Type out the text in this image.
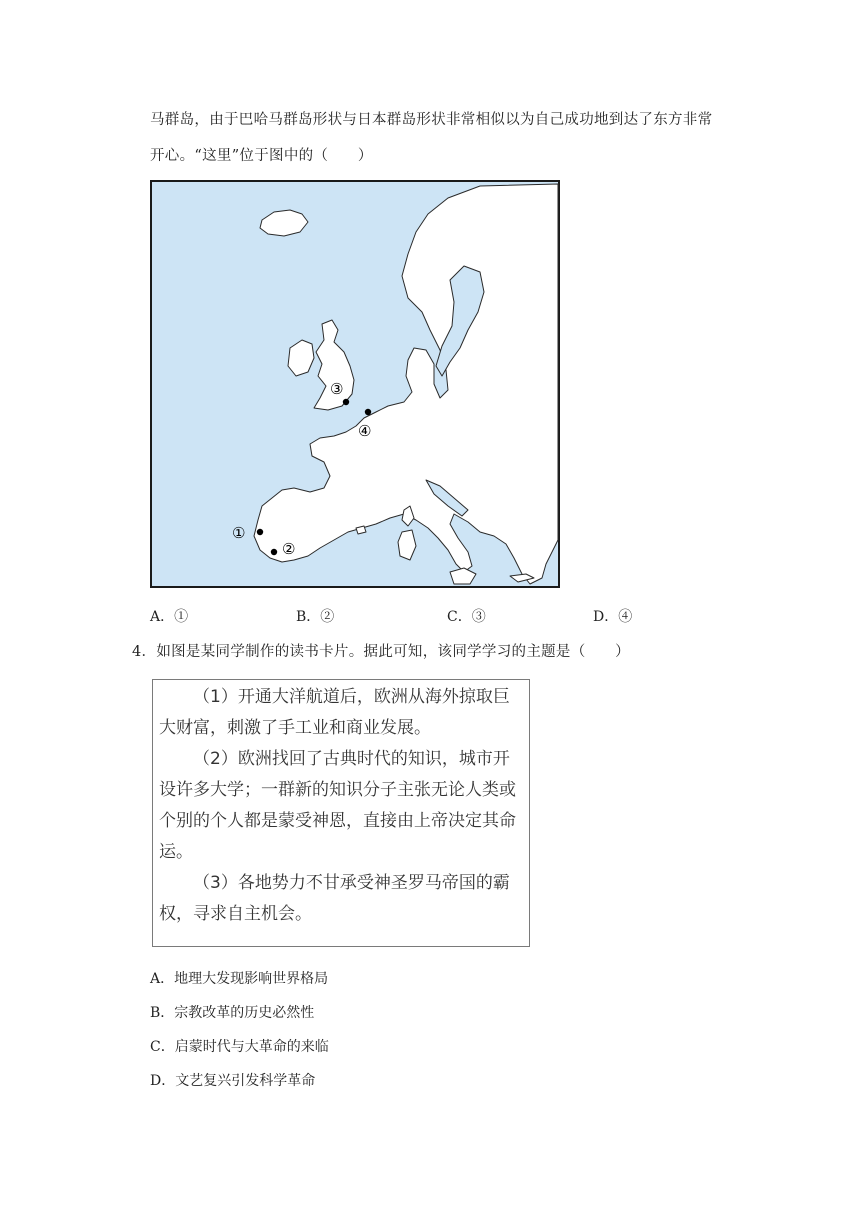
马群岛，由于巴哈马群岛形状与日本群岛形状非常相似以为自己成功地到达了东方非常
开心。“这里”位于图中的（　　）
①
②
③
④
A．①	B．②	C．③	D．④
4．如图是某同学制作的读书卡片。据此可知，该同学学习的主题是（　　）

（1）开通大洋航道后，欧洲从海外掠取巨大财富，刺激了手工业和商业发展。

（2）欧洲找回了古典时代的知识，城市开设许多大学；一群新的知识分子主张无论人类或个别的个人都是蒙受神恩，直接由上帝决定其命运。

（3）各地势力不甘承受神圣罗马帝国的霸权，寻求自主机会。

A．地理大发现影响世界格局
B．宗教改革的历史必然性
C．启蒙时代与大革命的来临
D．文艺复兴引发科学革命
